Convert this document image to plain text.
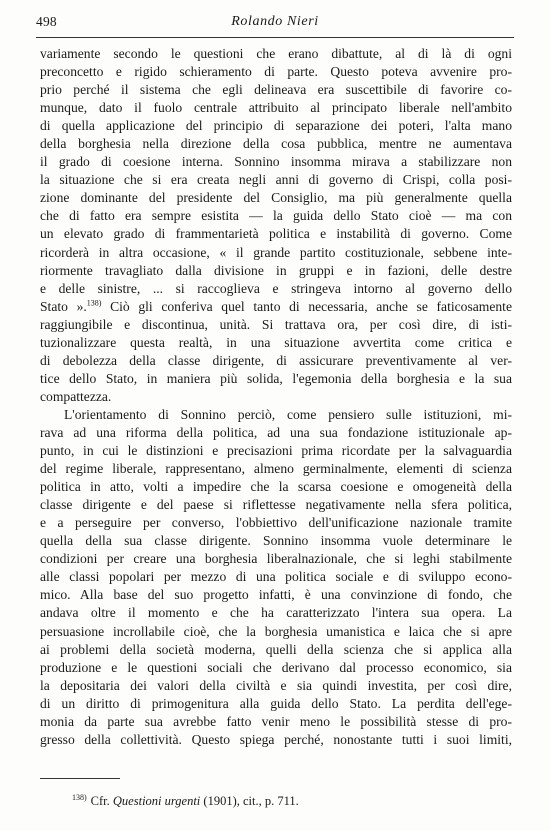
498	Rolando Nieri
variamente secondo le questioni che erano dibattute, al di là di ogni
preconcetto e rigido schieramento di parte. Questo poteva avvenire pro-
prio perché il sistema che egli delineava era suscettibile di favorire co-
munque, dato il fuolo centrale attribuito al principato liberale nell'ambito
di quella applicazione del principio di separazione dei poteri, l'alta mano
della borghesia nella direzione della cosa pubblica, mentre ne aumentava
il grado di coesione interna. Sonnino insomma mirava a stabilizzare non
la situazione che si era creata negli anni di governo di Crispi, colla posi-
zione dominante del presidente del Consiglio, ma più generalmente quella
che di fatto era sempre esistita — la guida dello Stato cioè — ma con
un elevato grado di frammentarietà politica e instabilità di governo. Come
ricorderà in altra occasione, « il grande partito costituzionale, sebbene inte-
riormente travagliato dalla divisione in gruppi e in fazioni, delle destre
e delle sinistre, ... si raccoglieva e stringeva intorno al governo dello
Stato ».$^{138)}$ Ciò gli conferiva quel tanto di necessaria, anche se faticosamente
raggiungibile e discontinua, unità. Si trattava ora, per così dire, di isti-
tuzionalizzare questa realtà, in una situazione avvertita come critica e
di debolezza della classe dirigente, di assicurare preventivamente al ver-
tice dello Stato, in maniera più solida, l'egemonia della borghesia e la sua
compattezza.
L'orientamento di Sonnino perciò, come pensiero sulle istituzioni, mi-
rava ad una riforma della politica, ad una sua fondazione istituzionale ap-
punto, in cui le distinzioni e precisazioni prima ricordate per la salvaguardia
del regime liberale, rappresentano, almeno germinalmente, elementi di scienza
politica in atto, volti a impedire che la scarsa coesione e omogeneità della
classe dirigente e del paese si riflettesse negativamente nella sfera politica,
e a perseguire per converso, l'obbiettivo dell'unificazione nazionale tramite
quella della sua classe dirigente. Sonnino insomma vuole determinare le
condizioni per creare una borghesia liberalnazionale, che si leghi stabilmente
alle classi popolari per mezzo di una politica sociale e di sviluppo econo-
mico. Alla base del suo progetto infatti, è una convinzione di fondo, che
andava oltre il momento e che ha caratterizzato l'intera sua opera. La
persuasione incrollabile cioè, che la borghesia umanistica e laica che si apre
ai problemi della società moderna, quelli della scienza che si applica alla
produzione e le questioni sociali che derivano dal processo economico, sia
la depositaria dei valori della civiltà e sia quindi investita, per così dire,
di un diritto di primogenitura alla guida dello Stato. La perdita dell'ege-
monia da parte sua avrebbe fatto venir meno le possibilità stesse di pro-
gresso della collettività. Questo spiega perché, nonostante tutti i suoi limiti,
$^{138)}$ Cfr. Questioni urgenti (1901), cit., p. 711.
